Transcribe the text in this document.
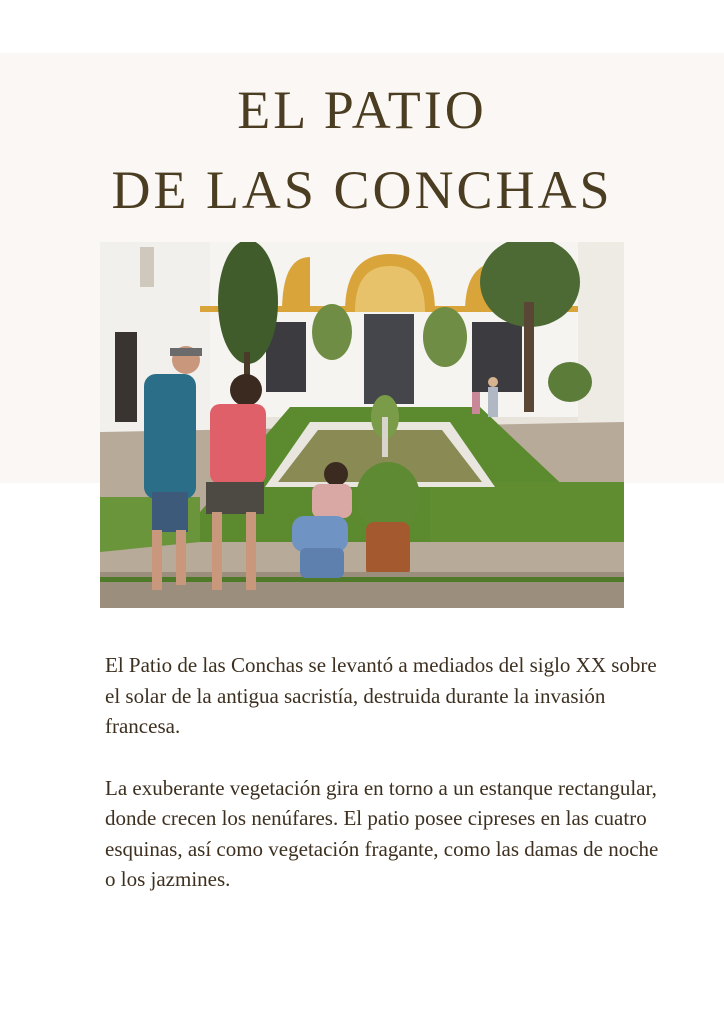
EL PATIO
DE LAS CONCHAS

El Patio de las Conchas se levantó a mediados del siglo XX sobre el solar de la antigua sacristía, destruida durante la invasión francesa.

La exuberante vegetación gira en torno a un estanque rectangular, donde crecen los nenúfares. El patio posee cipreses en las cuatro esquinas, así como vegetación fragante, como las damas de noche o los jazmines.
